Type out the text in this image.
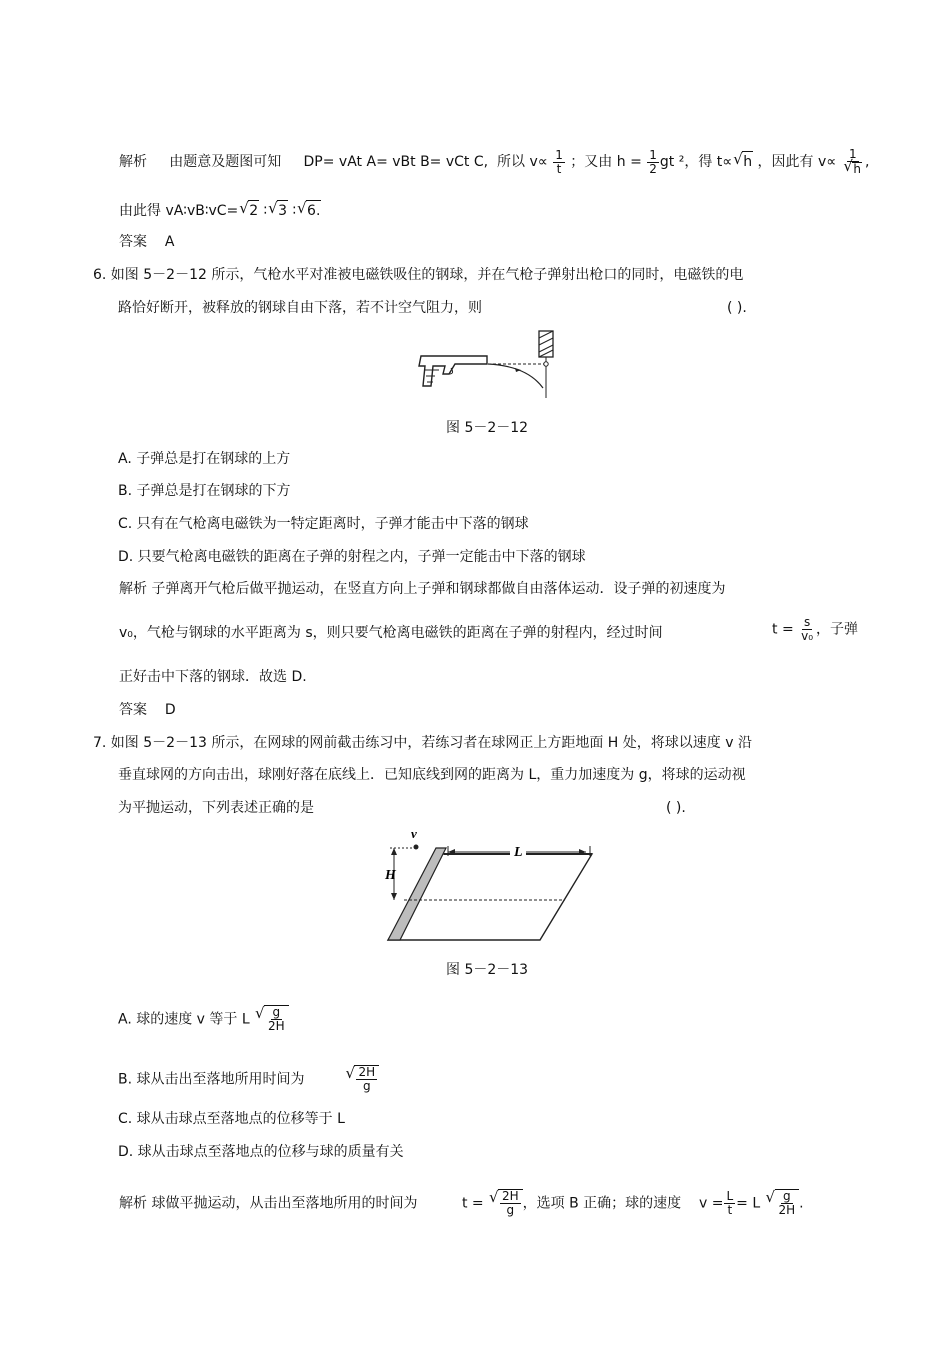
解析 由题意及题图可知 DP= vAt A= vBt B= vCt C, 所以 $v\propto \frac{1}{t}$ ；又由 $h = \frac{1}{2}$ gt ²，得 t∝ √ h ，因此有 v∝ 1
√ h ,
由此得 vA∶vB∶vC= √ 2 ∶  √ 3 ∶  √ 6.
答案 A
6. 如图 5－2－12 所示，气枪水平对准被电磁铁吸住的钢球，并在气枪子弹射出枪口的同时，电磁铁的电
路恰好断开，被释放的钢球自由下落，若不计空气阻力，则	( ).
图 5－2－12
A. 子弹总是打在钢球的上方
B. 子弹总是打在钢球的下方
C. 只有在气枪离电磁铁为一特定距离时，子弹才能击中下落的钢球
D. 只要气枪离电磁铁的距离在子弹的射程之内，子弹一定能击中下落的钢球
解析 子弹离开气枪后做平抛运动，在竖直方向上子弹和钢球都做自由落体运动．设子弹的初速度为
v₀，气枪与钢球的水平距离为 s，则只要气枪离电磁铁的距离在子弹的射程内，经过时间	$t = \frac{s}{\text{v₀}}$ ，子弹
正好击中下落的钢球．故选 D.
答案 D
7. 如图 5－2－13 所示，在网球的网前截击练习中，若练习者在球网正上方距地面 H 处，将球以速度 v 沿
垂直球网的方向击出，球刚好落在底线上．已知底线到网的距离为 L，重力加速度为 g，将球的运动视
为平抛运动，下列表述正确的是	( ).
H
v
L
图 5－2－13
A. 球的速度 v 等于 L √ $\frac{g}{2H}$
B. 球从击出至落地所用时间为	√ $\frac{2H}{g}$
C. 球从击球点至落地点的位移等于 L
D. 球从击球点至落地点的位移与球的质量有关
解析 球做平抛运动，从击出至落地所用的时间为	t = √ $\frac{2H}{g}$ ，选项 B 正确；球的速度 $v = \frac{L}{t} = L$ √ $\frac{g}{2H}$ .
